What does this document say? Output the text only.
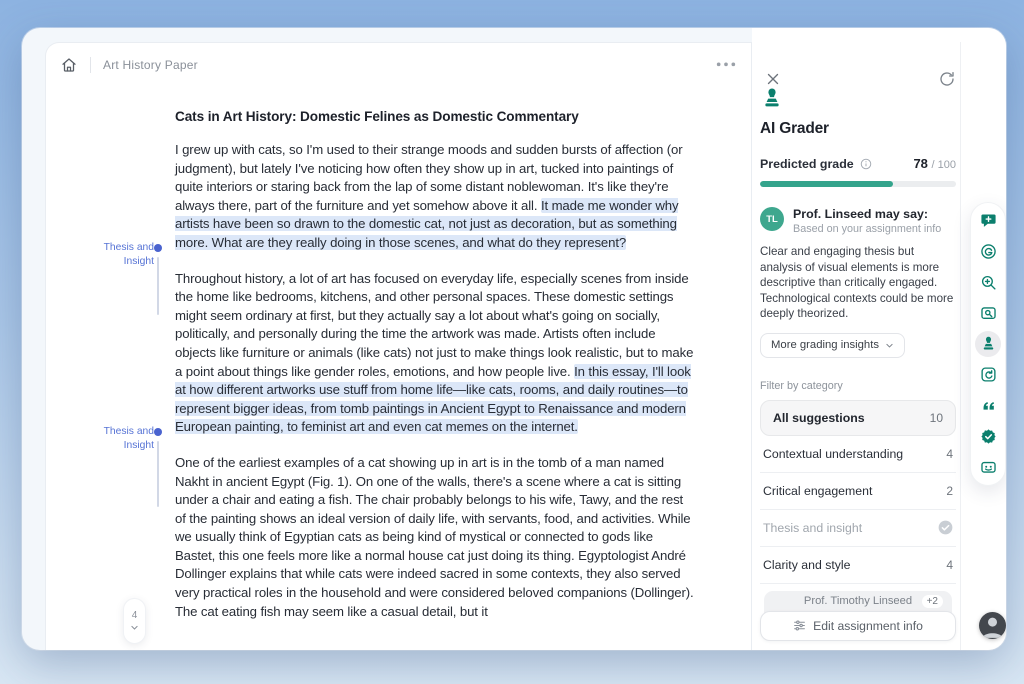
Art History Paper
Cats in Art History: Domestic Felines as Domestic Commentary

I grew up with cats, so I'm used to their strange moods and sudden bursts of affection (or judgment), but lately I've noticing how often they show up in art, tucked into paintings of quite interiors or staring back from the lap of some distant noblewoman. It's like they're always there, part of the furniture and yet somehow above it all. It made me wonder why artists have been so drawn to the domestic cat, not just as decoration, but as something more. What are they really doing in those scenes, and what do they represent?

Throughout history, a lot of art has focused on everyday life, especially scenes from inside the home like bedrooms, kitchens, and other personal spaces. These domestic settings might seem ordinary at first, but they actually say a lot about what's going on socially, politically, and personally during the time the artwork was made. Artists often include objects like furniture or animals (like cats) not just to make things look realistic, but to make a point about things like gender roles, emotions, and how people live. In this essay, I'll look at how different artworks use stuff from home life—like cats, rooms, and daily routines—to represent bigger ideas, from tomb paintings in Ancient Egypt to Renaissance and modern European painting, to feminist art and even cat memes on the internet.

One of the earliest examples of a cat showing up in art is in the tomb of a man named Nakht in ancient Egypt (Fig. 1). On one of the walls, there's a scene where a cat is sitting under a chair and eating a fish. The chair probably belongs to his wife, Tawy, and the rest of the painting shows an ideal version of daily life, with servants, food, and activities. While we usually think of Egyptian cats as being kind of mystical or connected to gods like Bastet, this one feels more like a normal house cat just doing its thing. Egyptologist André Dollinger explains that while cats were indeed sacred in some contexts, they also served very practical roles in the household and were considered beloved companions (Dollinger). The cat eating fish may seem like a casual detail, but it

Thesis and Insight
Thesis and Insight
AI Grader
Predicted grade	78 / 100
TL	Prof. Linseed may say:
Based on your assignment info
Clear and engaging thesis but analysis of visual elements is more descriptive than critically engaged. Technological contexts could be more deeply theorized.
More grading insights
Filter by category
All suggestions	10
Contextual understanding	4
Critical engagement	2
Thesis and insight
Clarity and style	4
Prof. Timothy Linseed	+2
Edit assignment info
4
